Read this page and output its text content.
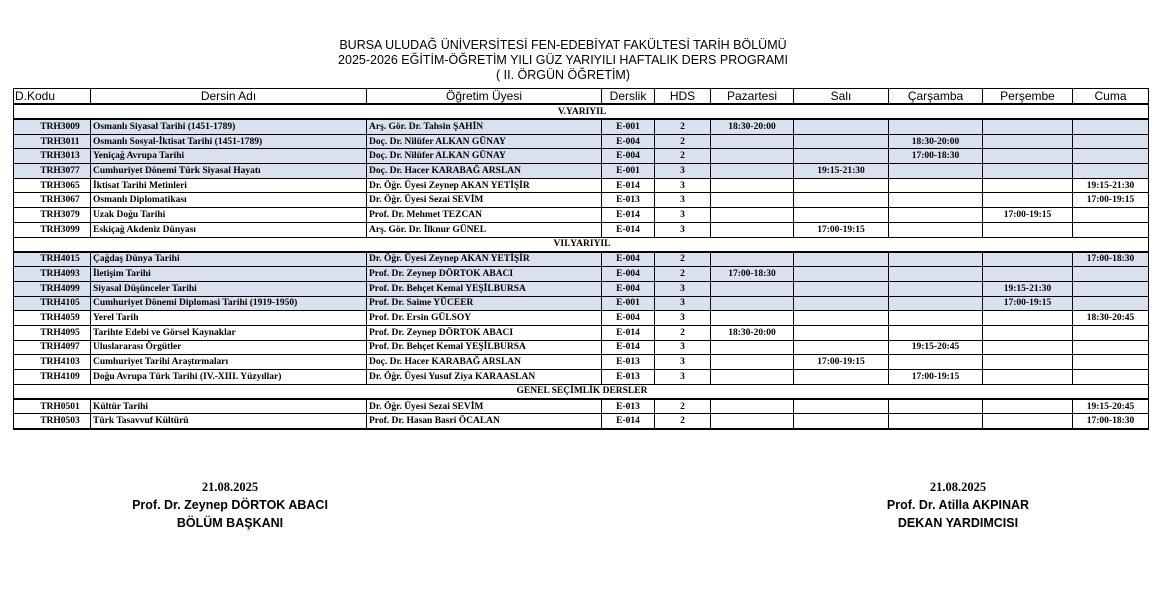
BURSA ULUDAĞ ÜNİVERSİTESİ FEN-EDEBİYAT FAKÜLTESİ TARİH BÖLÜMÜ
2025-2026 EĞİTİM-ÖĞRETİM YILI GÜZ YARIYILI HAFTALIK DERS PROGRAMI
( II. ÖRGÜN ÖĞRETİM)
D.Kodu	Dersin Adı	Öğretim Üyesi	Derslik	HDS	Pazartesi	Salı	Çarşamba	Perşembe	Cuma
V.YARIYIL									
TRH3009	Osmanlı Siyasal Tarihi (1451-1789)	Arş. Gör. Dr. Tahsin ŞAHİN	E-001	2	18:30-20:00				
TRH3011	Osmanlı Sosyal-İktisat Tarihi (1451-1789)	Doç. Dr. Nilüfer ALKAN GÜNAY	E-004	2			18:30-20:00		
TRH3013	Yeniçağ Avrupa Tarihi	Doç. Dr. Nilüfer ALKAN GÜNAY	E-004	2			17:00-18:30		
TRH3077	Cumhuriyet Dönemi Türk Siyasal Hayatı	Doç. Dr. Hacer KARABAĞ ARSLAN	E-001	3		19:15-21:30			
TRH3065	İktisat Tarihi Metinleri	Dr. Öğr. Üyesi Zeynep AKAN YETİŞİR	E-014	3					19:15-21:30
TRH3067	Osmanlı Diplomatikası	Dr. Öğr. Üyesi Sezai SEVİM	E-013	3					17:00-19:15
TRH3079	Uzak Doğu Tarihi	Prof. Dr. Mehmet TEZCAN	E-014	3				17:00-19:15	
TRH3099	Eskiçağ Akdeniz Dünyası	Arş. Gör. Dr. İlknur GÜNEL	E-014	3		17:00-19:15			
VII.YARIYIL									
TRH4015	Çağdaş Dünya Tarihi	Dr. Öğr. Üyesi Zeynep AKAN YETİŞİR	E-004	2					17:00-18:30
TRH4093	İletişim Tarihi	Prof. Dr. Zeynep DÖRTOK ABACI	E-004	2	17:00-18:30				
TRH4099	Siyasal Düşünceler Tarihi	Prof. Dr. Behçet Kemal YEŞİLBURSA	E-004	3				19:15-21:30	
TRH4105	Cumhuriyet Dönemi Diplomasi Tarihi (1919-1950)	Prof. Dr. Saime YÜCEER	E-001	3				17:00-19:15	
TRH4059	Yerel Tarih	Prof. Dr. Ersin GÜLSOY	E-004	3					18:30-20:45
TRH4095	Tarihte Edebi ve Görsel Kaynaklar	Prof. Dr. Zeynep DÖRTOK ABACI	E-014	2	18:30-20:00				
TRH4097	Uluslararası Örgütler	Prof. Dr. Behçet Kemal YEŞİLBURSA	E-014	3			19:15-20:45		
TRH4103	Cumhuriyet Tarihi Araştırmaları	Doç. Dr. Hacer KARABAĞ ARSLAN	E-013	3		17:00-19:15			
TRH4109	Doğu Avrupa Türk Tarihi (IV.-XIII. Yüzyıllar)	Dr. Öğr. Üyesi Yusuf Ziya KARAASLAN	E-013	3			17:00-19:15		
GENEL SEÇİMLİK DERSLER									
TRH0501	Kültür Tarihi	Dr. Öğr. Üyesi Sezai SEVİM	E-013	2					19:15-20:45
TRH0503	Türk Tasavvuf Kültürü	Prof. Dr. Hasan Basri ÖCALAN	E-014	2					17:00-18:30
21.08.2025
Prof. Dr. Zeynep DÖRTOK ABACI
BÖLÜM BAŞKANI
21.08.2025
Prof. Dr. Atilla AKPINAR
DEKAN YARDIMCISI
